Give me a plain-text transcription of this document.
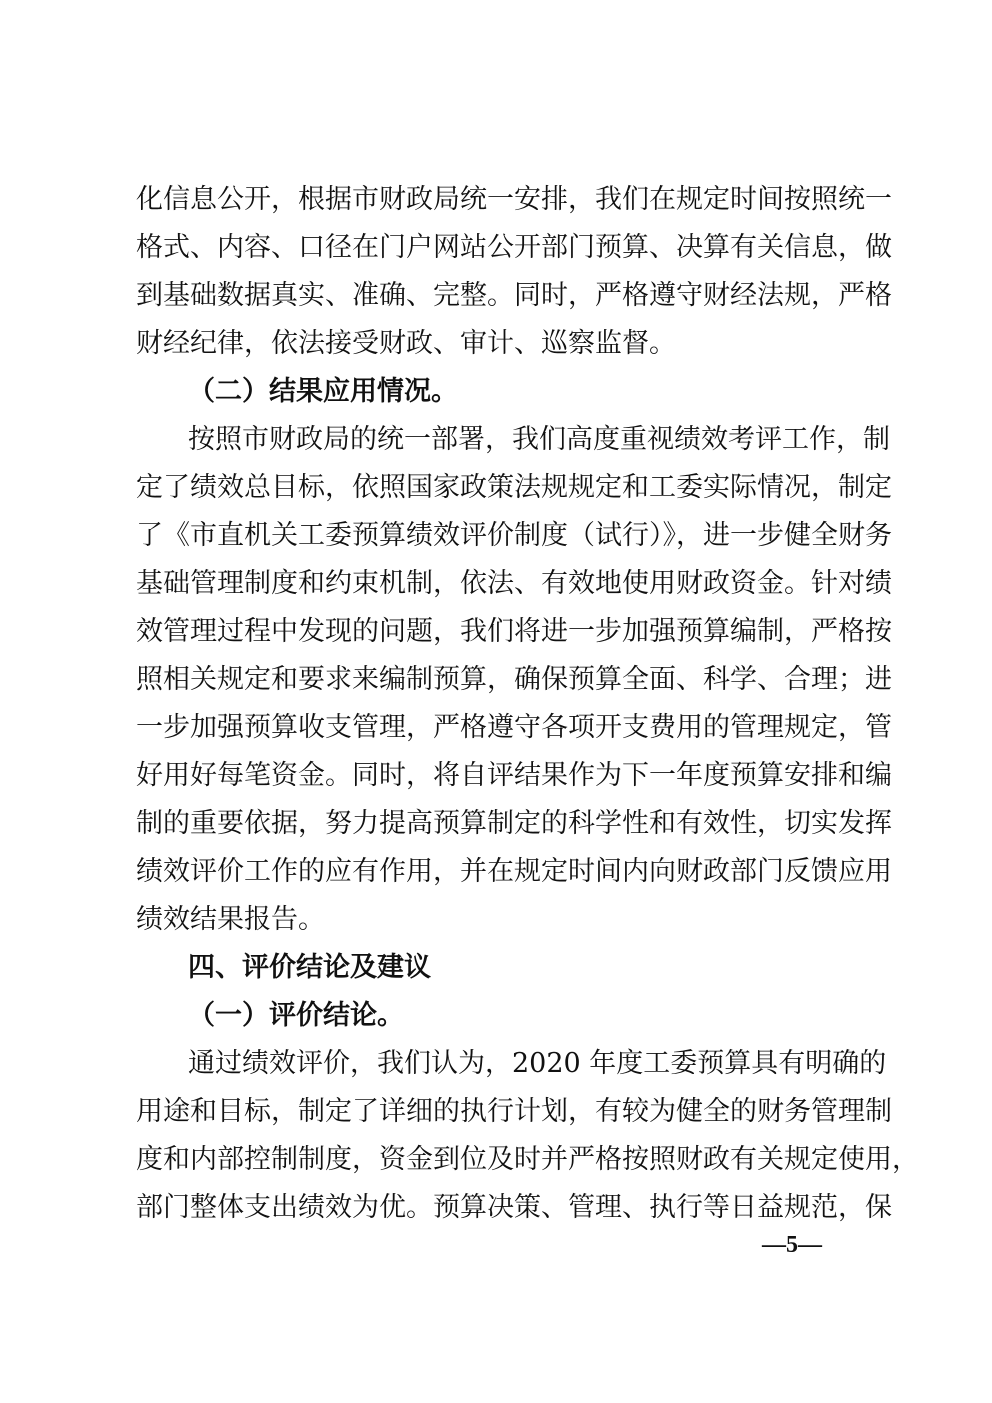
化信息公开，根据市财政局统一安排，我们在规定时间按照统一
格式、内容、口径在门户网站公开部门预算、决算有关信息，做
到基础数据真实、准确、完整。同时，严格遵守财经法规，严格
财经纪律，依法接受财政、审计、巡察监督。
（二）结果应用情况。
按照市财政局的统一部署，我们高度重视绩效考评工作，制
定了绩效总目标，依照国家政策法规规定和工委实际情况，制定
了《市直机关工委预算绩效评价制度（试行）》，进一步健全财务
基础管理制度和约束机制，依法、有效地使用财政资金。针对绩
效管理过程中发现的问题，我们将进一步加强预算编制，严格按
照相关规定和要求来编制预算，确保预算全面、科学、合理；进
一步加强预算收支管理，严格遵守各项开支费用的管理规定，管
好用好每笔资金。同时，将自评结果作为下一年度预算安排和编
制的重要依据，努力提高预算制定的科学性和有效性，切实发挥
绩效评价工作的应有作用，并在规定时间内向财政部门反馈应用
绩效结果报告。
四、评价结论及建议
（一）评价结论。
通过绩效评价，我们认为，2020 年度工委预算具有明确的
用途和目标，制定了详细的执行计划，有较为健全的财务管理制
度和内部控制制度，资金到位及时并严格按照财政有关规定使用，
部门整体支出绩效为优。预算决策、管理、执行等日益规范，保
—5—
